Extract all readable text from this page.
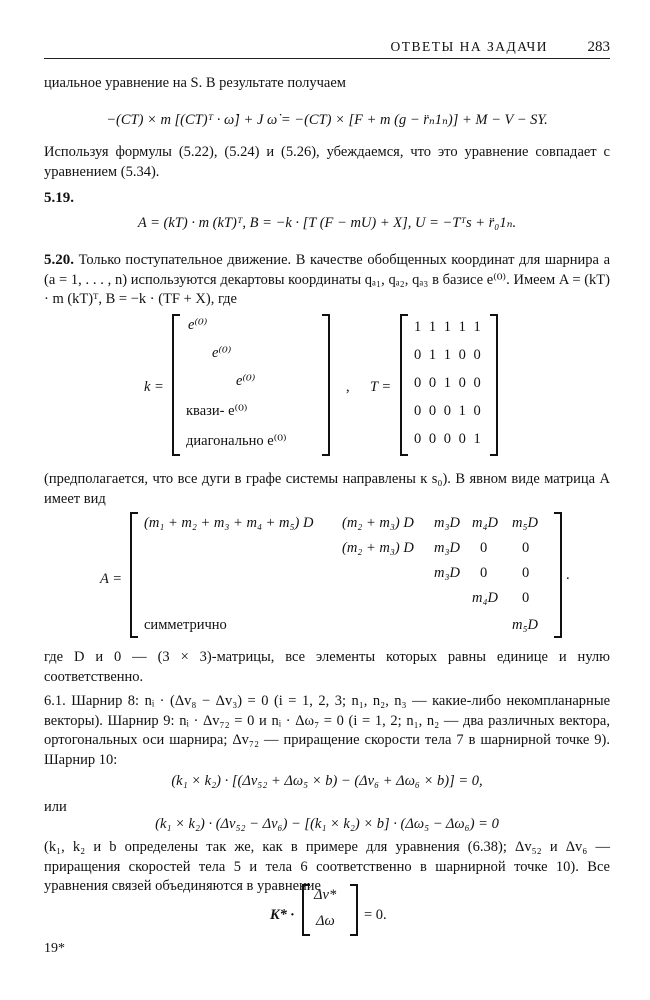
ОТВЕТЫ НА ЗАДАЧИ	283
циальное уравнение на S. В результате получаем
−(CT) × m [(CT)ᵀ · ω̇] + J ω̇ = −(CT) × [F + m (g − r̈ₙ1ₙ)] + M − V − SY.
Используя формулы (5.22), (5.24) и (5.26), убеждаемся, что это уравнение совпадает с уравнением (5.34).
5.19.
A = (kT) · m (kT)ᵀ, B = −k · [T (F − mU) + X], U = −Tᵀs + r̈₀1ₙ.
5.20. Только поступательное движение. В качестве обобщенных координат для шарнира a (a = 1, . . . , n) используются декартовы координаты qₐ₁, qₐ₂, qₐ₃ в базисе e⁽⁰⁾. Имеем A = (kT) · m (kT)ᵀ, B = −k · (TF + X), где
k =
e⁽⁰⁾
e⁽⁰⁾
e⁽⁰⁾
квази- e⁽⁰⁾
диагонально e⁽⁰⁾
, T =
1 1 1 1 1
0 1 1 0 0
0 0 1 0 0
0 0 0 1 0
0 0 0 0 1
(предполагается, что все дуги в графе системы направлены к s₀). В явном виде матрица A имеет вид
A =
(m₁ + m₂ + m₃ + m₄ + m₅) D (m₂ + m₃) D m₃D m₄D m₅D
(m₂ + m₃) D m₃D 0 0
m₃D 0 0
m₄D 0
симметрично	m₅D
.
где D и 0 — (3 × 3)-матрицы, все элементы которых равны единице и нулю соответственно.
6.1. Шарнир 8: nᵢ · (Δv₈ − Δv₃) = 0 (i = 1, 2, 3; n₁, n₂, n₃ — какие-либо некомпланарные векторы). Шарнир 9: nᵢ · Δv₇₂ = 0 и nᵢ · Δω₇ = 0 (i = 1, 2; n₁, n₂ — два различных вектора, ортогональных оси шарнира; Δv₇₂ — приращение скорости тела 7 в шарнирной точке 9). Шарнир 10:
(k₁ × k₂) · [(Δv₅₂ + Δω₅ × b) − (Δv₆ + Δω₆ × b)] = 0,
или
(k₁ × k₂) · (Δv₅₂ − Δv₆) − [(k₁ × k₂) × b] · (Δω₅ − Δω₆) = 0
(k₁, k₂ и b определены так же, как в примере для уравнения (6.38); Δv₅₂ и Δv₆ — приращения скоростей тела 5 и тела 6 соответственно в шарнирной точке 10). Все уравнения связей объединяются в уравнение
K* ·
Δv*
Δω = 0.
19*
